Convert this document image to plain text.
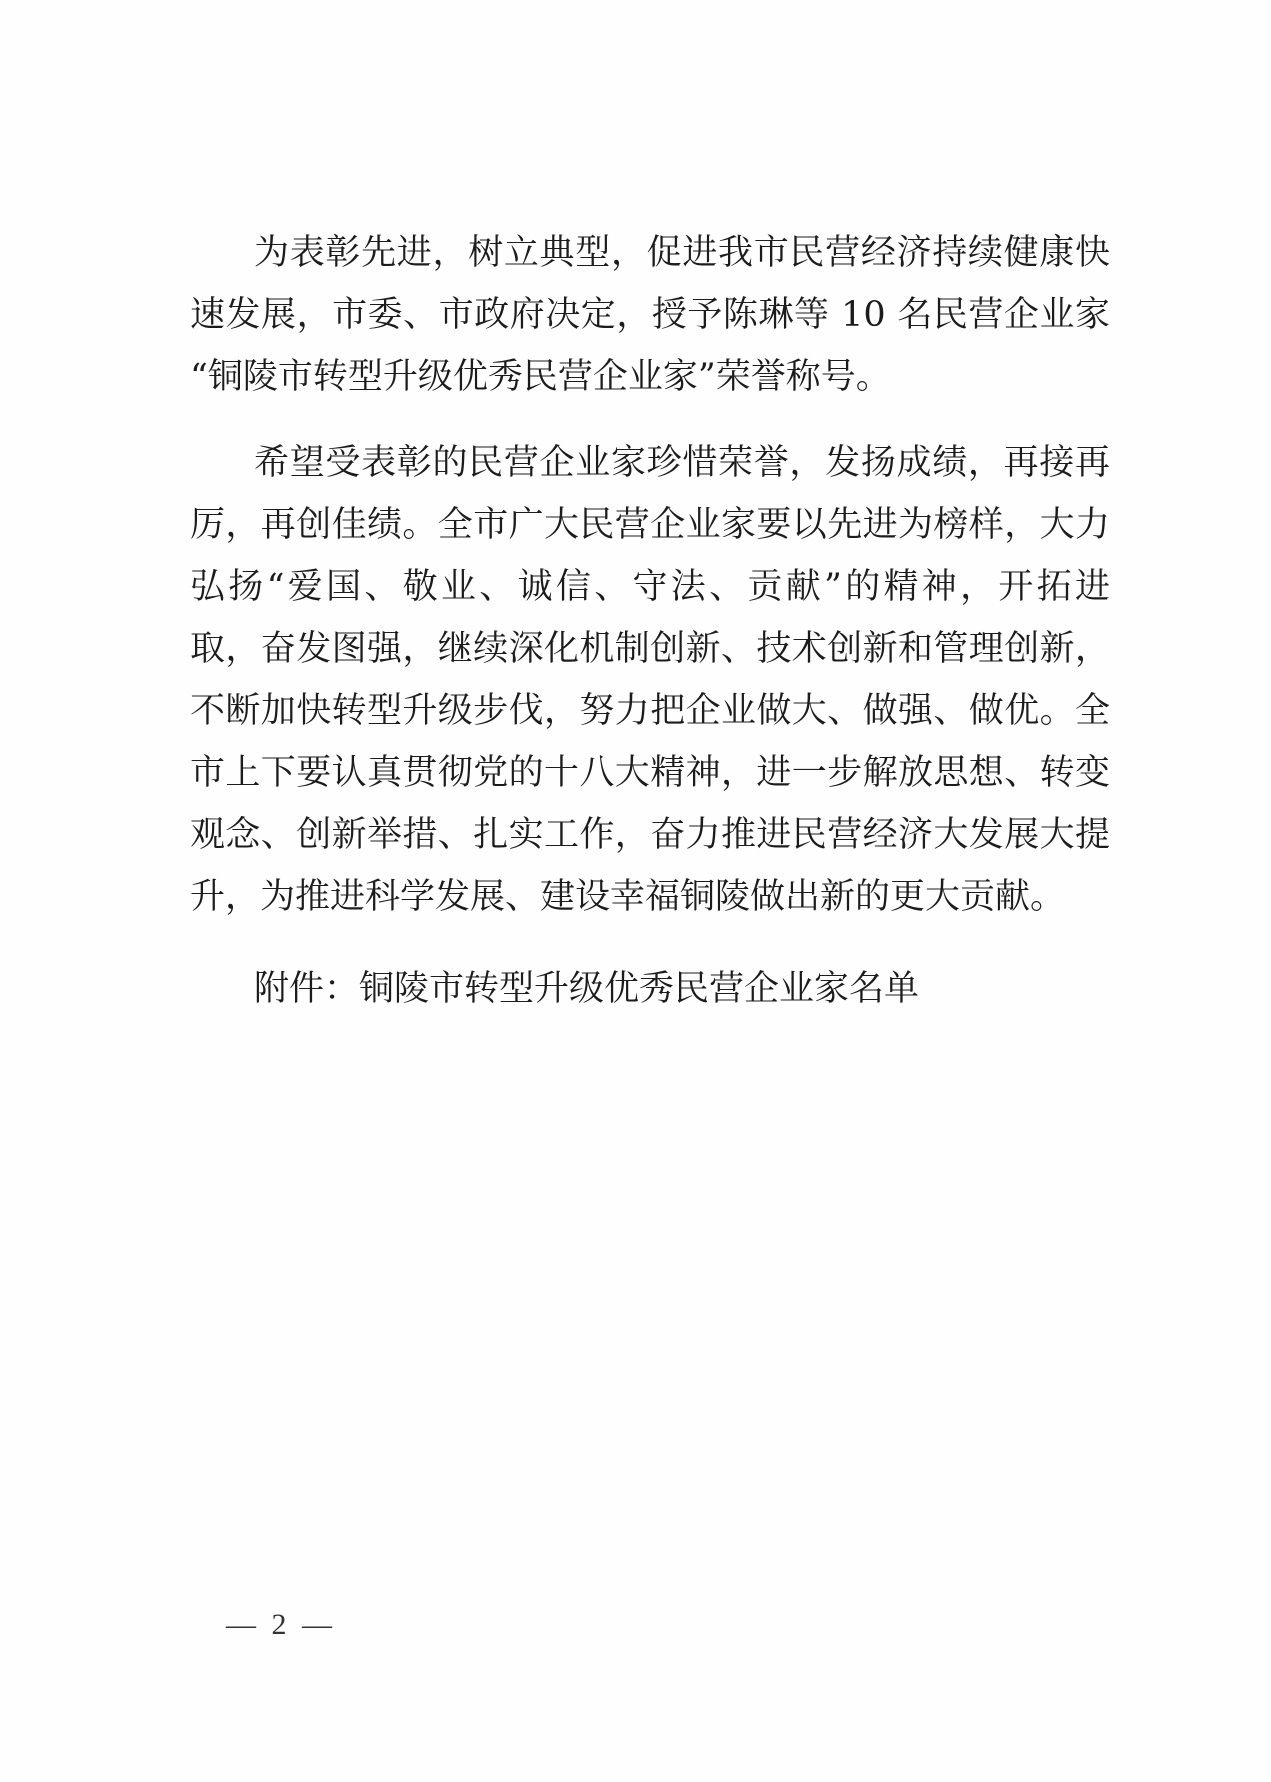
为表彰先进，树立典型，促进我市民营经济持续健康快
速发展，市委、市政府决定，授予陈琳等 10 名民营企业家
“铜陵市转型升级优秀民营企业家”荣誉称号。
希望受表彰的民营企业家珍惜荣誉，发扬成绩，再接再
厉，再创佳绩。全市广大民营企业家要以先进为榜样，大力
弘扬“爱国、敬业、诚信、守法、贡献”的精神，开拓进
取，奋发图强，继续深化机制创新、技术创新和管理创新，
不断加快转型升级步伐，努力把企业做大、做强、做优。全
市上下要认真贯彻党的十八大精神，进一步解放思想、转变
观念、创新举措、扎实工作，奋力推进民营经济大发展大提
升，为推进科学发展、建设幸福铜陵做出新的更大贡献。
附件：铜陵市转型升级优秀民营企业家名单
— 2 —
